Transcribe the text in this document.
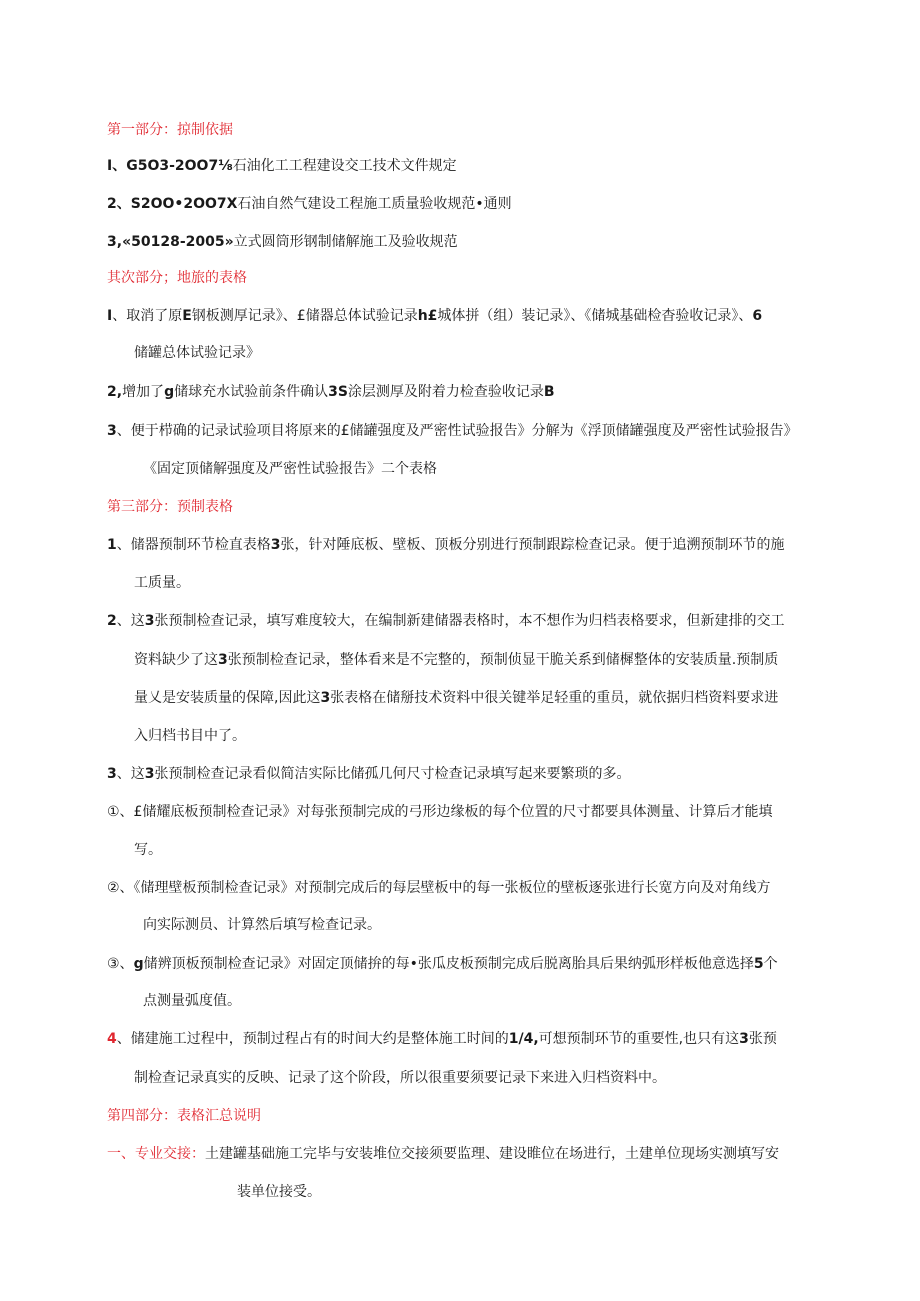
第一部分：掠制依据
I、G5O3-2OO7⅛石油化工工程建设交工技术文件规定
2、S2OO•2OO7X石油自然气建设工程施工质量验收规范•通则
3,«50128-2005»立式圆筒形钢制储解施工及验收规范
其次部分；地旅的表格
I、取消了原E钢板测厚记录》、£储器总体试验记录h£城体拼（组）装记录》、《储城基础检杳验收记录》、6
储罐总体试验记录》
2,增加了g储球充水试验前条件确认3S涂层测厚及附着力检查验收记录B
3、便于栉确的记录试验项目将原来的£储罐强度及严密性试验报告》分解为《浮顶储罐强度及严密性试验报告》
《固定顶储解强度及严密性试验报告》二个表格
第三部分：预制表格
1、储器预制环节检直表格3张，针对陲底板、壁板、顶板分别进行预制跟踪检查记录。便于追溯预制环节的施
工质量。
2、这3张预制检查记录，填写难度较大，在编制新建储器表格时，本不想作为归档表格要求，但新建排的交工
资料缺少了这3张预制检查记录，整体看来是不完整的，预制侦显干脆关系到储樨整体的安装质量.预制质
量乂是安装质量的保障,因此这3张表格在储掰技术资料中很关键举足轻重的重员，就依据归档资料要求进
入归档书目中了。
3、这3张预制检查记录看似简洁实际比储孤几何尺寸检查记录填写起来要繁琐的多。
①、£储耀底板预制检查记录》对每张预制完成的弓形边缘板的每个位置的尺寸都要具体测量、计算后才能填
写。
②、《储理壁板预制检查记录》对预制完成后的每层壁板中的每一张板位的壁板逐张进行长宽方向及对角线方
向实际测员、计算然后填写检查记录。
③、g储辨顶板预制检查记录》对固定顶储拚的每•张瓜皮板预制完成后脱离胎具后果纳弧形样板他意选择5个
点测量弧度值。
4、储建施工过程中，预制过程占有的时间大约是整体施工时间的1/4,可想预制环节的重要性,也只有这3张预
制检查记录真实的反映、记录了这个阶段，所以很重要须要记录下来进入归档资料中。
第四部分：表格汇总说明
一、专业交接：土建罐基础施工完毕与安装堆位交接须要监理、建设睢位在场进行，土建单位现场实测填写安
装单位接受。
